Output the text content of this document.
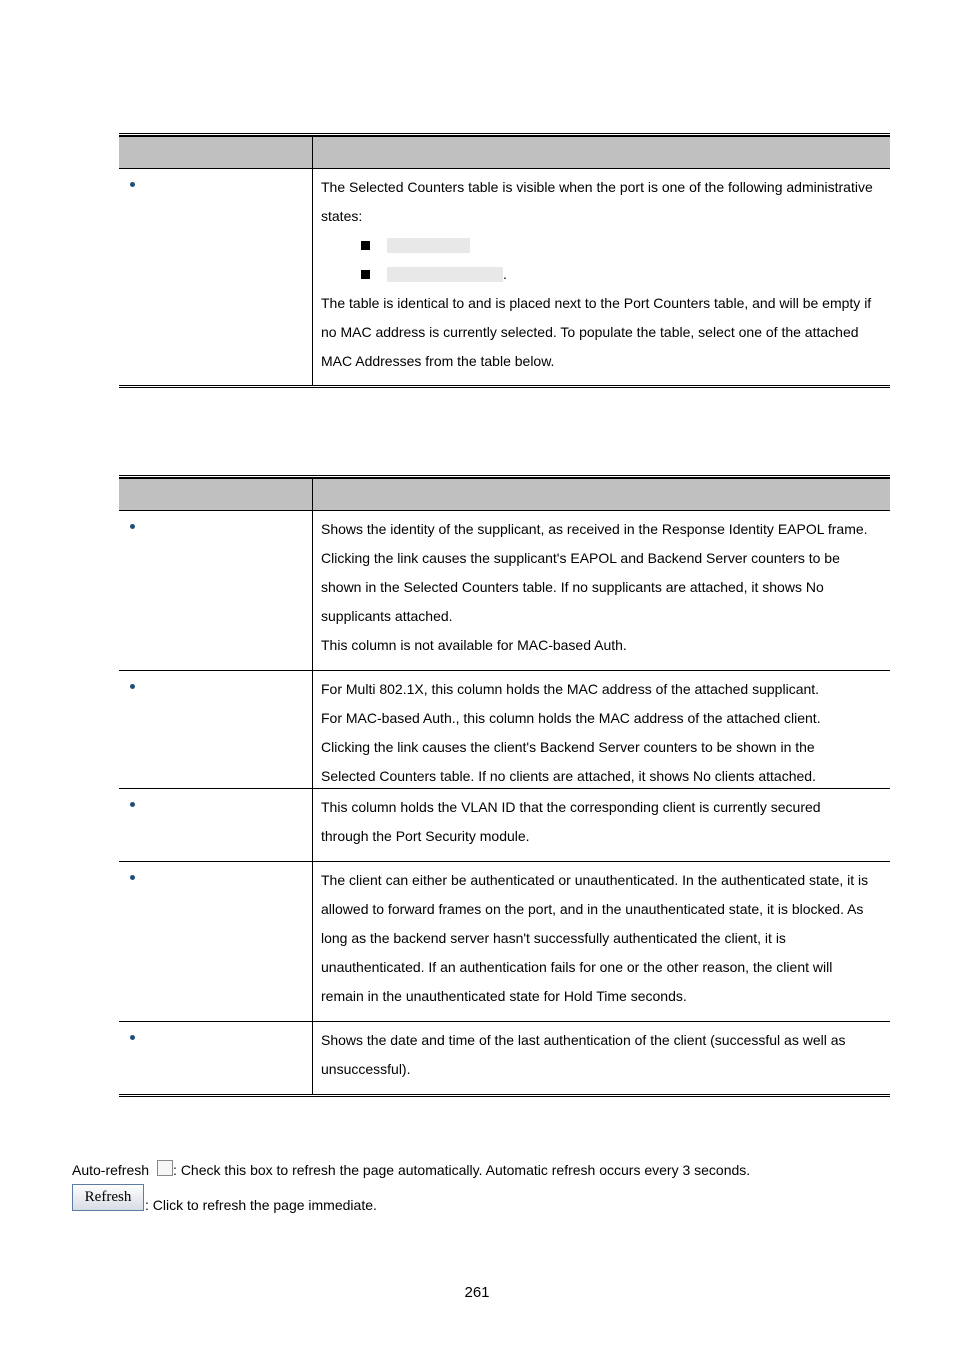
The Selected Counters table is visible when the port is one of the following administrative states:
.
The table is identical to and is placed next to the Port Counters table, and will be empty if no MAC address is currently selected. To populate the table, select one of the attached MAC Addresses from the table below.
Shows the identity of the supplicant, as received in the Response Identity EAPOL frame.
Clicking the link causes the supplicant's EAPOL and Backend Server counters to be
shown in the Selected Counters table. If no supplicants are attached, it shows No
supplicants attached.
This column is not available for MAC-based Auth.
For Multi 802.1X, this column holds the MAC address of the attached supplicant.
For MAC-based Auth., this column holds the MAC address of the attached client.
Clicking the link causes the client's Backend Server counters to be shown in the
Selected Counters table. If no clients are attached, it shows No clients attached.
This column holds the VLAN ID that the corresponding client is currently secured
through the Port Security module.
The client can either be authenticated or unauthenticated. In the authenticated state, it is
allowed to forward frames on the port, and in the unauthenticated state, it is blocked. As
long as the backend server hasn't successfully authenticated the client, it is
unauthenticated. If an authentication fails for one or the other reason, the client will
remain in the unauthenticated state for Hold Time seconds.
Shows the date and time of the last authentication of the client (successful as well as
unsuccessful).
Auto-refresh : Check this box to refresh the page automatically. Automatic refresh occurs every 3 seconds.
Refresh : Click to refresh the page immediate.
261
